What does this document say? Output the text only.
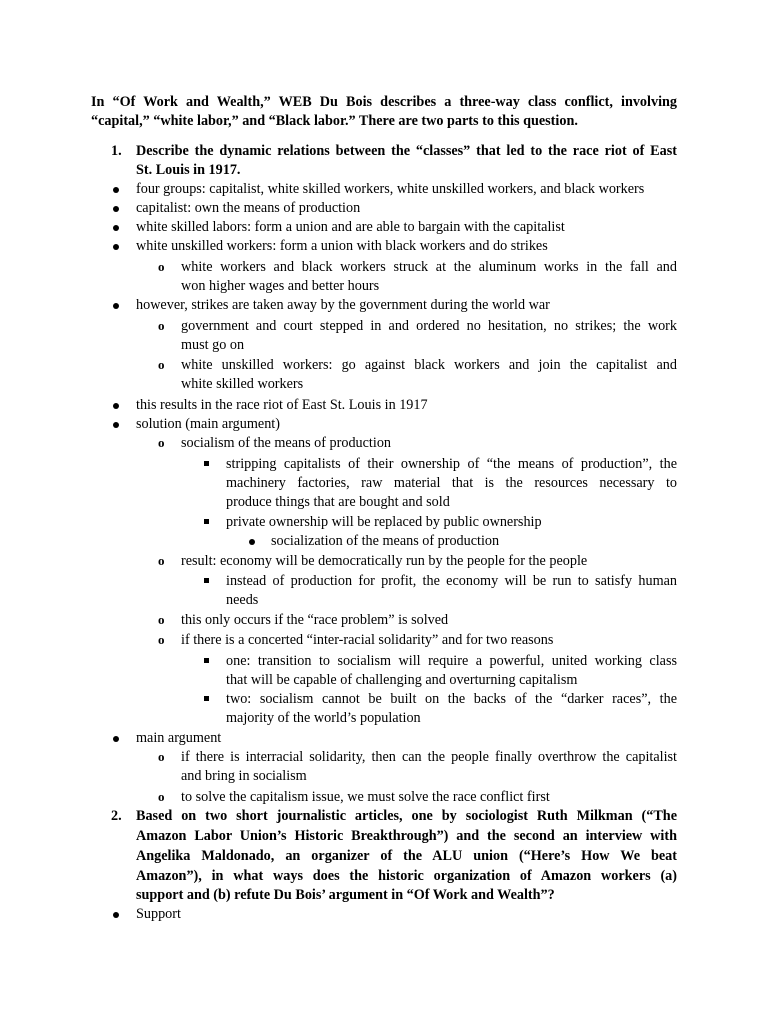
In “Of Work and Wealth,” WEB Du Bois describes a three-way class conflict, involving
“capital,” “white labor,” and “Black labor.” There are two parts to this question.
1. Describe the dynamic relations between the “classes” that led to the race riot of East
St. Louis in 1917.
four groups: capitalist, white skilled workers, white unskilled workers, and black workers
capitalist: own the means of production
white skilled labors: form a union and are able to bargain with the capitalist
white unskilled workers: form a union with black workers and do strikes
o white workers and black workers struck at the aluminum works in the fall and
won higher wages and better hours
however, strikes are taken away by the government during the world war
o government and court stepped in and ordered no hesitation, no strikes; the work
must go on
o white unskilled workers: go against black workers and join the capitalist and
white skilled workers
this results in the race riot of East St. Louis in 1917
solution (main argument)
o socialism of the means of production
stripping capitalists of their ownership of “the means of production”, the
machinery factories, raw material that is the resources necessary to
produce things that are bought and sold
private ownership will be replaced by public ownership
socialization of the means of production
o result: economy will be democratically run by the people for the people
instead of production for profit, the economy will be run to satisfy human
needs
o this only occurs if the “race problem” is solved
o if there is a concerted “inter-racial solidarity” and for two reasons
one: transition to socialism will require a powerful, united working class
that will be capable of challenging and overturning capitalism
two: socialism cannot be built on the backs of the “darker races”, the
majority of the world’s population
main argument
o if there is interracial solidarity, then can the people finally overthrow the capitalist
and bring in socialism
o to solve the capitalism issue, we must solve the race conflict first
2. Based on two short journalistic articles, one by sociologist Ruth Milkman (“The
Amazon Labor Union’s Historic Breakthrough”) and the second an interview with
Angelika Maldonado, an organizer of the ALU union (“Here’s How We beat
Amazon”), in what ways does the historic organization of Amazon workers (a)
support and (b) refute Du Bois’ argument in “Of Work and Wealth”?
Support
